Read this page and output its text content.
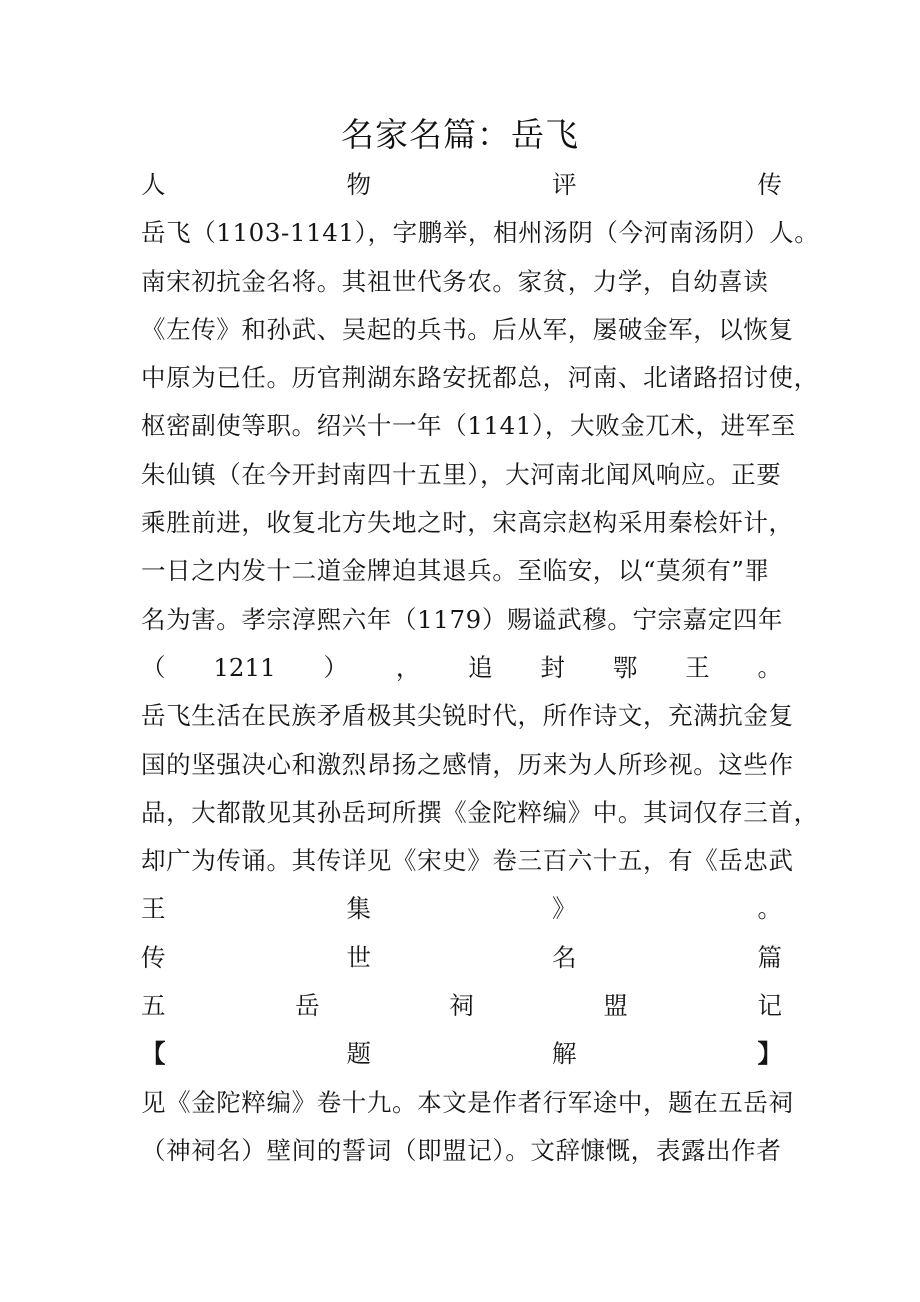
名家名篇：岳飞
人	物	评	传
岳飞（1103-1141），字鹏举，相州汤阴（今河南汤阴）人。
南宋初抗金名将。其祖世代务农。家贫，力学，自幼喜读
《左传》和孙武、吴起的兵书。后从军，屡破金军，以恢复
中原为已任。历官荆湖东路安抚都总，河南、北诸路招讨使，
枢密副使等职。绍兴十一年（1141），大败金兀术，进军至
朱仙镇（在今开封南四十五里），大河南北闻风响应。正要
乘胜前进，收复北方失地之时，宋高宗赵构采用秦桧奸计，
一日之内发十二道金牌迫其退兵。至临安，以“莫须有”罪
名为害。孝宗淳熙六年（1179）赐谥武穆。宁宗嘉定四年
（ 1211 ） ， 追 封 鄂 王 。
岳飞生活在民族矛盾极其尖锐时代，所作诗文，充满抗金复
国的坚强决心和激烈昂扬之感情，历来为人所珍视。这些作
品，大都散见其孙岳珂所撰《金陀粹编》中。其词仅存三首，
却广为传诵。其传详见《宋史》卷三百六十五，有《岳忠武
王	集	》	。
传	世	名	篇
五	岳	祠	盟	记
【	题	解	】
见《金陀粹编》卷十九。本文是作者行军途中，题在五岳祠
（神祠名）壁间的誓词（即盟记）。文辞慷慨，表露出作者
